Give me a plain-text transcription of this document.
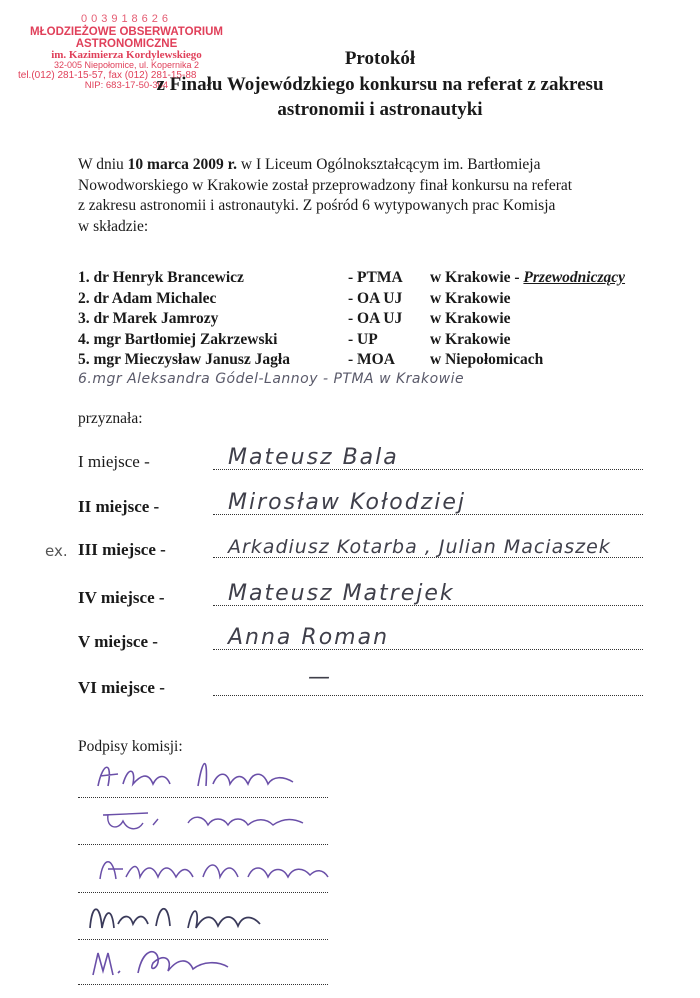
003918626
MŁODZIEŻOWE OBSERWATORIUM
ASTRONOMICZNE
im. Kazimierza Kordylewskiego
32-005 Niepołomice, ul. Kopernika 2
tel.(012) 281-15-57, fax (012) 281-15-88
NIP: 683-17-50-304
Protokół
z Finału Wojewódzkiego konkursu na referat z zakresu
astronomii i astronautyki
W dniu 10 marca 2009 r. w I Liceum Ogólnokształcącym im. Bartłomieja
Nowodworskiego w Krakowie został przeprowadzony finał konkursu na referat
z zakresu astronomii i astronautyki. Z pośród 6 wytypowanych prac Komisja
w składzie:
1. dr Henryk Brancewicz	- PTMA w Krakowie - Przewodniczący
2. dr Adam Michalec	- OA UJ w Krakowie
3. dr Marek Jamrozy	- OA UJ w Krakowie
4. mgr Bartłomiej Zakrzewski	- UP	w Krakowie
5. mgr Mieczysław Janusz Jagła	- MOA w Niepołomicach
6.mgr Aleksandra Gódel-Lannoy - PTMA w Krakowie
przyznała:
ex.
I miejsce -	Mateusz Bala
II miejsce -	Mirosław Kołodziej
III miejsce -	Arkadiusz Kotarba , Julian Maciaszek
IV miejsce -	Mateusz Matrejek
V miejsce -	Anna Roman
VI miejsce -	—
Podpisy komisji:
